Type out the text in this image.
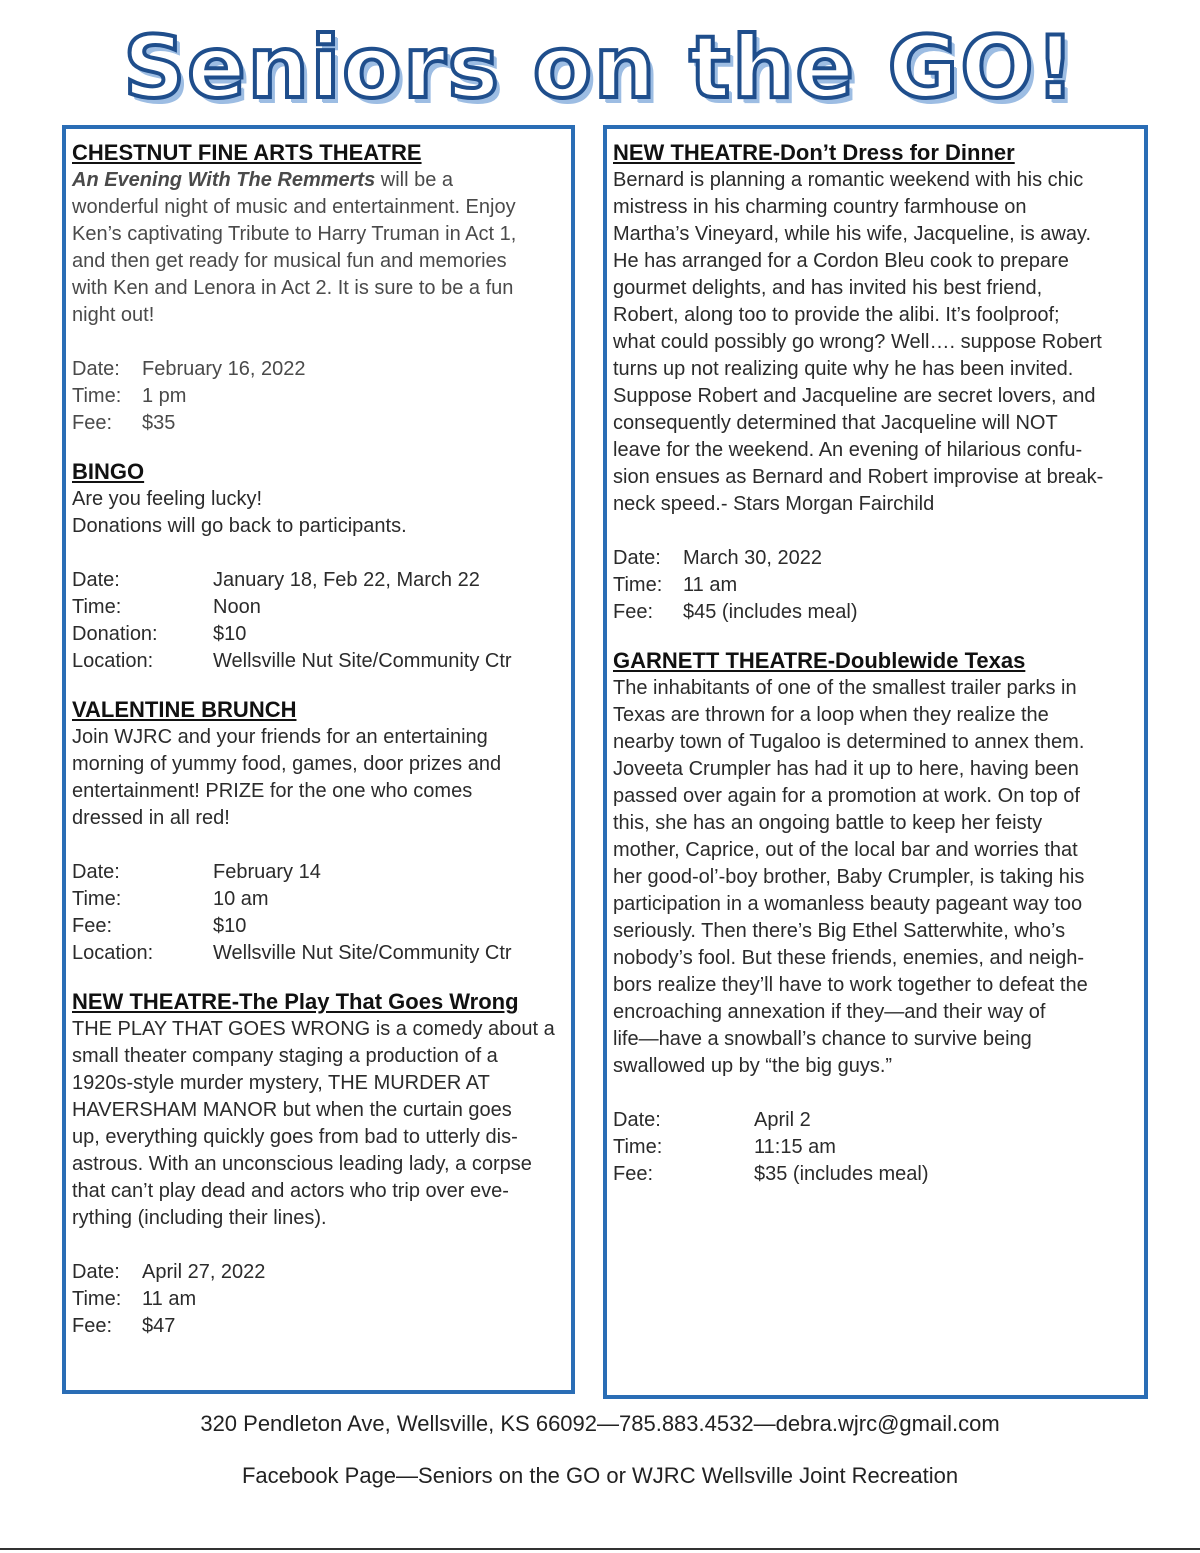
Seniors on the GO!
CHESTNUT FINE ARTS THEATRE
An Evening With The Remmerts will be a
wonderful night of music and entertainment. Enjoy
Ken’s captivating Tribute to Harry Truman in Act 1,
and then get ready for musical fun and memories
with Ken and Lenora in Act 2. It is sure to be a fun
night out!
Date:	February 16, 2022
Time:	1 pm
Fee:	$35
BINGO
Are you feeling lucky!
Donations will go back to participants.
Date:	January 18, Feb 22, March 22
Time:	Noon
Donation:	$10
Location:	Wellsville Nut Site/Community Ctr
VALENTINE BRUNCH
Join WJRC and your friends for an entertaining
morning of yummy food, games, door prizes and
entertainment! PRIZE for the one who comes
dressed in all red!
Date:	February 14
Time:	10 am
Fee:	$10
Location:	Wellsville Nut Site/Community Ctr
NEW THEATRE-The Play That Goes Wrong
THE PLAY THAT GOES WRONG is a comedy about a
small theater company staging a production of a
1920s-style murder mystery, THE MURDER AT
HAVERSHAM MANOR but when the curtain goes
up, everything quickly goes from bad to utterly dis-
astrous. With an unconscious leading lady, a corpse
that can’t play dead and actors who trip over eve-
rything (including their lines).
Date:	April 27, 2022
Time:	11 am
Fee:	$47
NEW THEATRE-Don’t Dress for Dinner
Bernard is planning a romantic weekend with his chic
mistress in his charming country farmhouse on
Martha’s Vineyard, while his wife, Jacqueline, is away.
He has arranged for a Cordon Bleu cook to prepare
gourmet delights, and has invited his best friend,
Robert, along too to provide the alibi. It’s foolproof;
what could possibly go wrong? Well…. suppose Robert
turns up not realizing quite why he has been invited.
Suppose Robert and Jacqueline are secret lovers, and
consequently determined that Jacqueline will NOT
leave for the weekend. An evening of hilarious confu-
sion ensues as Bernard and Robert improvise at break-
neck speed.- Stars Morgan Fairchild
Date:	March 30, 2022
Time:	11 am
Fee:	$45 (includes meal)
GARNETT THEATRE-Doublewide Texas
The inhabitants of one of the smallest trailer parks in
Texas are thrown for a loop when they realize the
nearby town of Tugaloo is determined to annex them.
Joveeta Crumpler has had it up to here, having been
passed over again for a promotion at work. On top of
this, she has an ongoing battle to keep her feisty
mother, Caprice, out of the local bar and worries that
her good-ol’-boy brother, Baby Crumpler, is taking his
participation in a womanless beauty pageant way too
seriously. Then there’s Big Ethel Satterwhite, who’s
nobody’s fool. But these friends, enemies, and neigh-
bors realize they’ll have to work together to defeat the
encroaching annexation if they—and their way of
life—have a snowball’s chance to survive being
swallowed up by “the big guys.”
Date:	April 2
Time:	11:15 am
Fee:	$35 (includes meal)
320 Pendleton Ave, Wellsville, KS 66092—785.883.4532—debra.wjrc@gmail.com
Facebook Page—Seniors on the GO or WJRC Wellsville Joint Recreation
